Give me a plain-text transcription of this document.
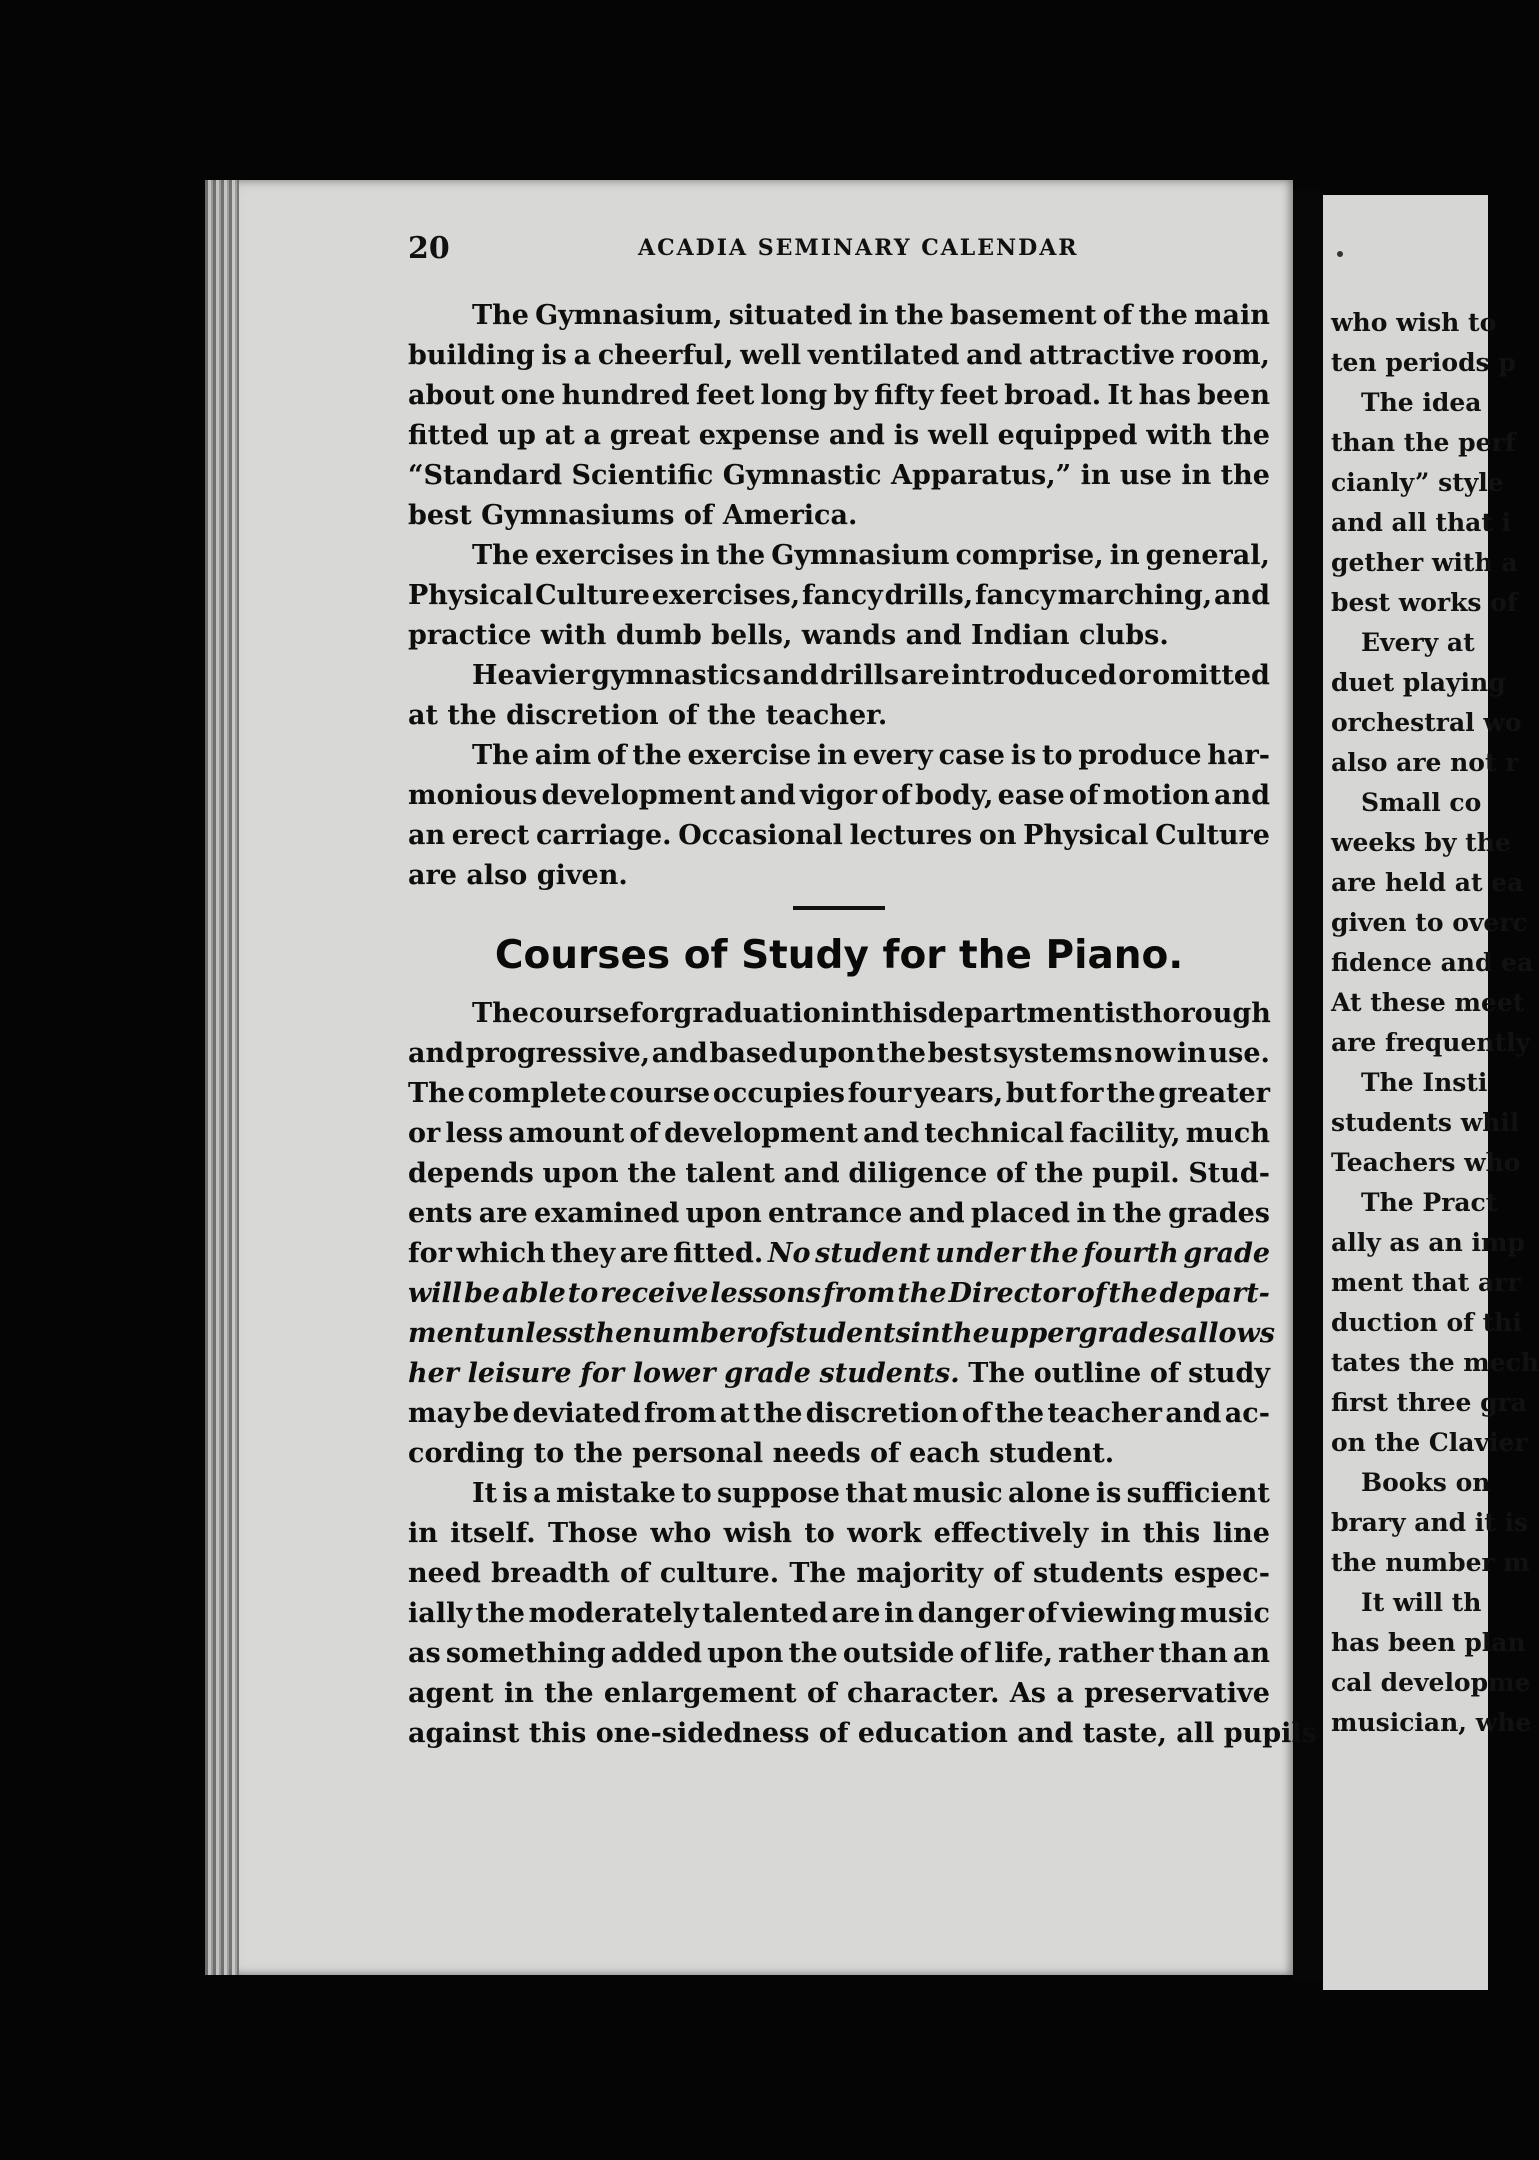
who wish to
ten periods p
The idea
than the perf
cianly” style
and all that i
gether with a
best works of
Every at
duet playing
orchestral wo
also are not r
Small co
weeks by the
are held at ea
given to overc
fidence and ea
At these meet
are frequently
The Insti
students whil
Teachers who
The Pract
ally as an imp
ment that arr
duction of thi
tates the mech
first three gra
on the Clavier
Books on
brary and it is
the number m
It will th
has been plan
cal developme
musician, whe
20	ACADIA SEMINARY CALENDAR
The Gymnasium, situated in the basement of the main
building is a cheerful, well ventilated and attractive room,
about one hundred feet long by fifty feet broad. It has been
fitted up at a great expense and is well equipped with the
“Standard Scientific Gymnastic Apparatus,” in use in the
best Gymnasiums of America.
The exercises in the Gymnasium comprise, in general,
Physical Culture exercises, fancy drills, fancy marching, and
practice with dumb bells, wands and Indian clubs.
Heavier gymnastics and drills are introduced or omitted
at the discretion of the teacher.
The aim of the exercise in every case is to produce har-
monious development and vigor of body, ease of motion and
an erect carriage. Occasional lectures on Physical Culture
are also given.
Courses of Study for the Piano.
The course for graduation in this department is thorough
and progressive, and based upon the best systems now in use.
The complete course occupies four years, but for the greater
or less amount of development and technical facility, much
depends upon the talent and diligence of the pupil. Stud-
ents are examined upon entrance and placed in the grades
for which they are fitted. No student under the fourth grade
will be able to receive lessons from the Director of the depart-
ment unless the number of students in the upper grades allows
her leisure for lower grade students. The outline of study
may be deviated from at the discretion of the teacher and ac-
cording to the personal needs of each student.
It is a mistake to suppose that music alone is sufficient
in itself. Those who wish to work effectively in this line
need breadth of culture. The majority of students espec-
ially the moderately talented are in danger of viewing music
as something added upon the outside of life, rather than an
agent in the enlargement of character. As a preservative
against this one-sidedness of education and taste, all pupils
